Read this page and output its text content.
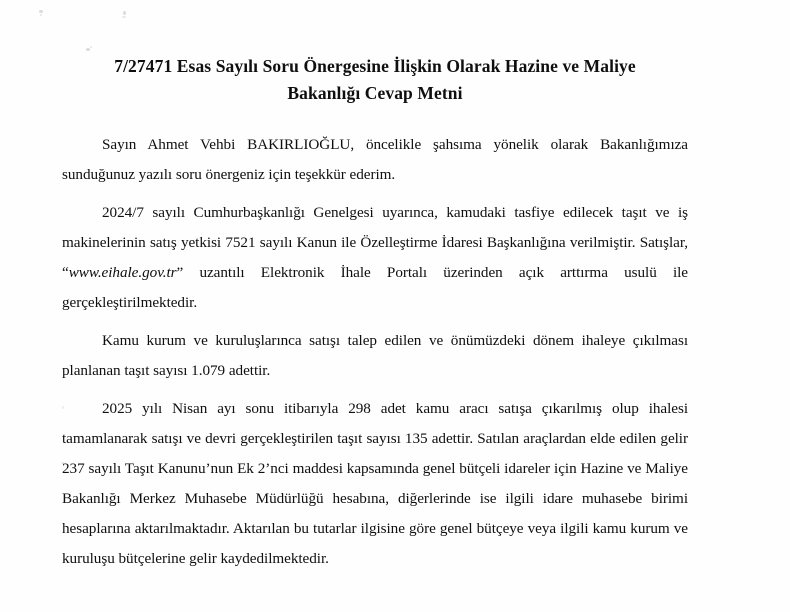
7/27471 Esas Sayılı Soru Önergesine İlişkin Olarak Hazine ve Maliye
Bakanlığı Cevap Metni

Sayın Ahmet Vehbi BAKIRLIOĞLU, öncelikle şahsıma yönelik olarak Bakanlığımıza sunduğunuz yazılı soru önergeniz için teşekkür ederim.

2024/7 sayılı Cumhurbaşkanlığı Genelgesi uyarınca, kamudaki tasfiye edilecek taşıt ve iş makinelerinin satış yetkisi 7521 sayılı Kanun ile Özelleştirme İdaresi Başkanlığına verilmiştir. Satışlar, “www.eihale.gov.tr” uzantılı Elektronik İhale Portalı üzerinden açık arttırma usulü ile gerçekleştirilmektedir.

Kamu kurum ve kuruluşlarınca satışı talep edilen ve önümüzdeki dönem ihaleye çıkılması planlanan taşıt sayısı 1.079 adettir.

2025 yılı Nisan ayı sonu itibarıyla 298 adet kamu aracı satışa çıkarılmış olup ihalesi tamamlanarak satışı ve devri gerçekleştirilen taşıt sayısı 135 adettir. Satılan araçlardan elde edilen gelir 237 sayılı Taşıt Kanunu’nun Ek 2’nci maddesi kapsamında genel bütçeli idareler için Hazine ve Maliye Bakanlığı Merkez Muhasebe Müdürlüğü hesabına, diğerlerinde ise ilgili idare muhasebe birimi hesaplarına aktarılmaktadır. Aktarılan bu tutarlar ilgisine göre genel bütçeye veya ilgili kamu kurum ve kuruluşu bütçelerine gelir kaydedilmektedir.
